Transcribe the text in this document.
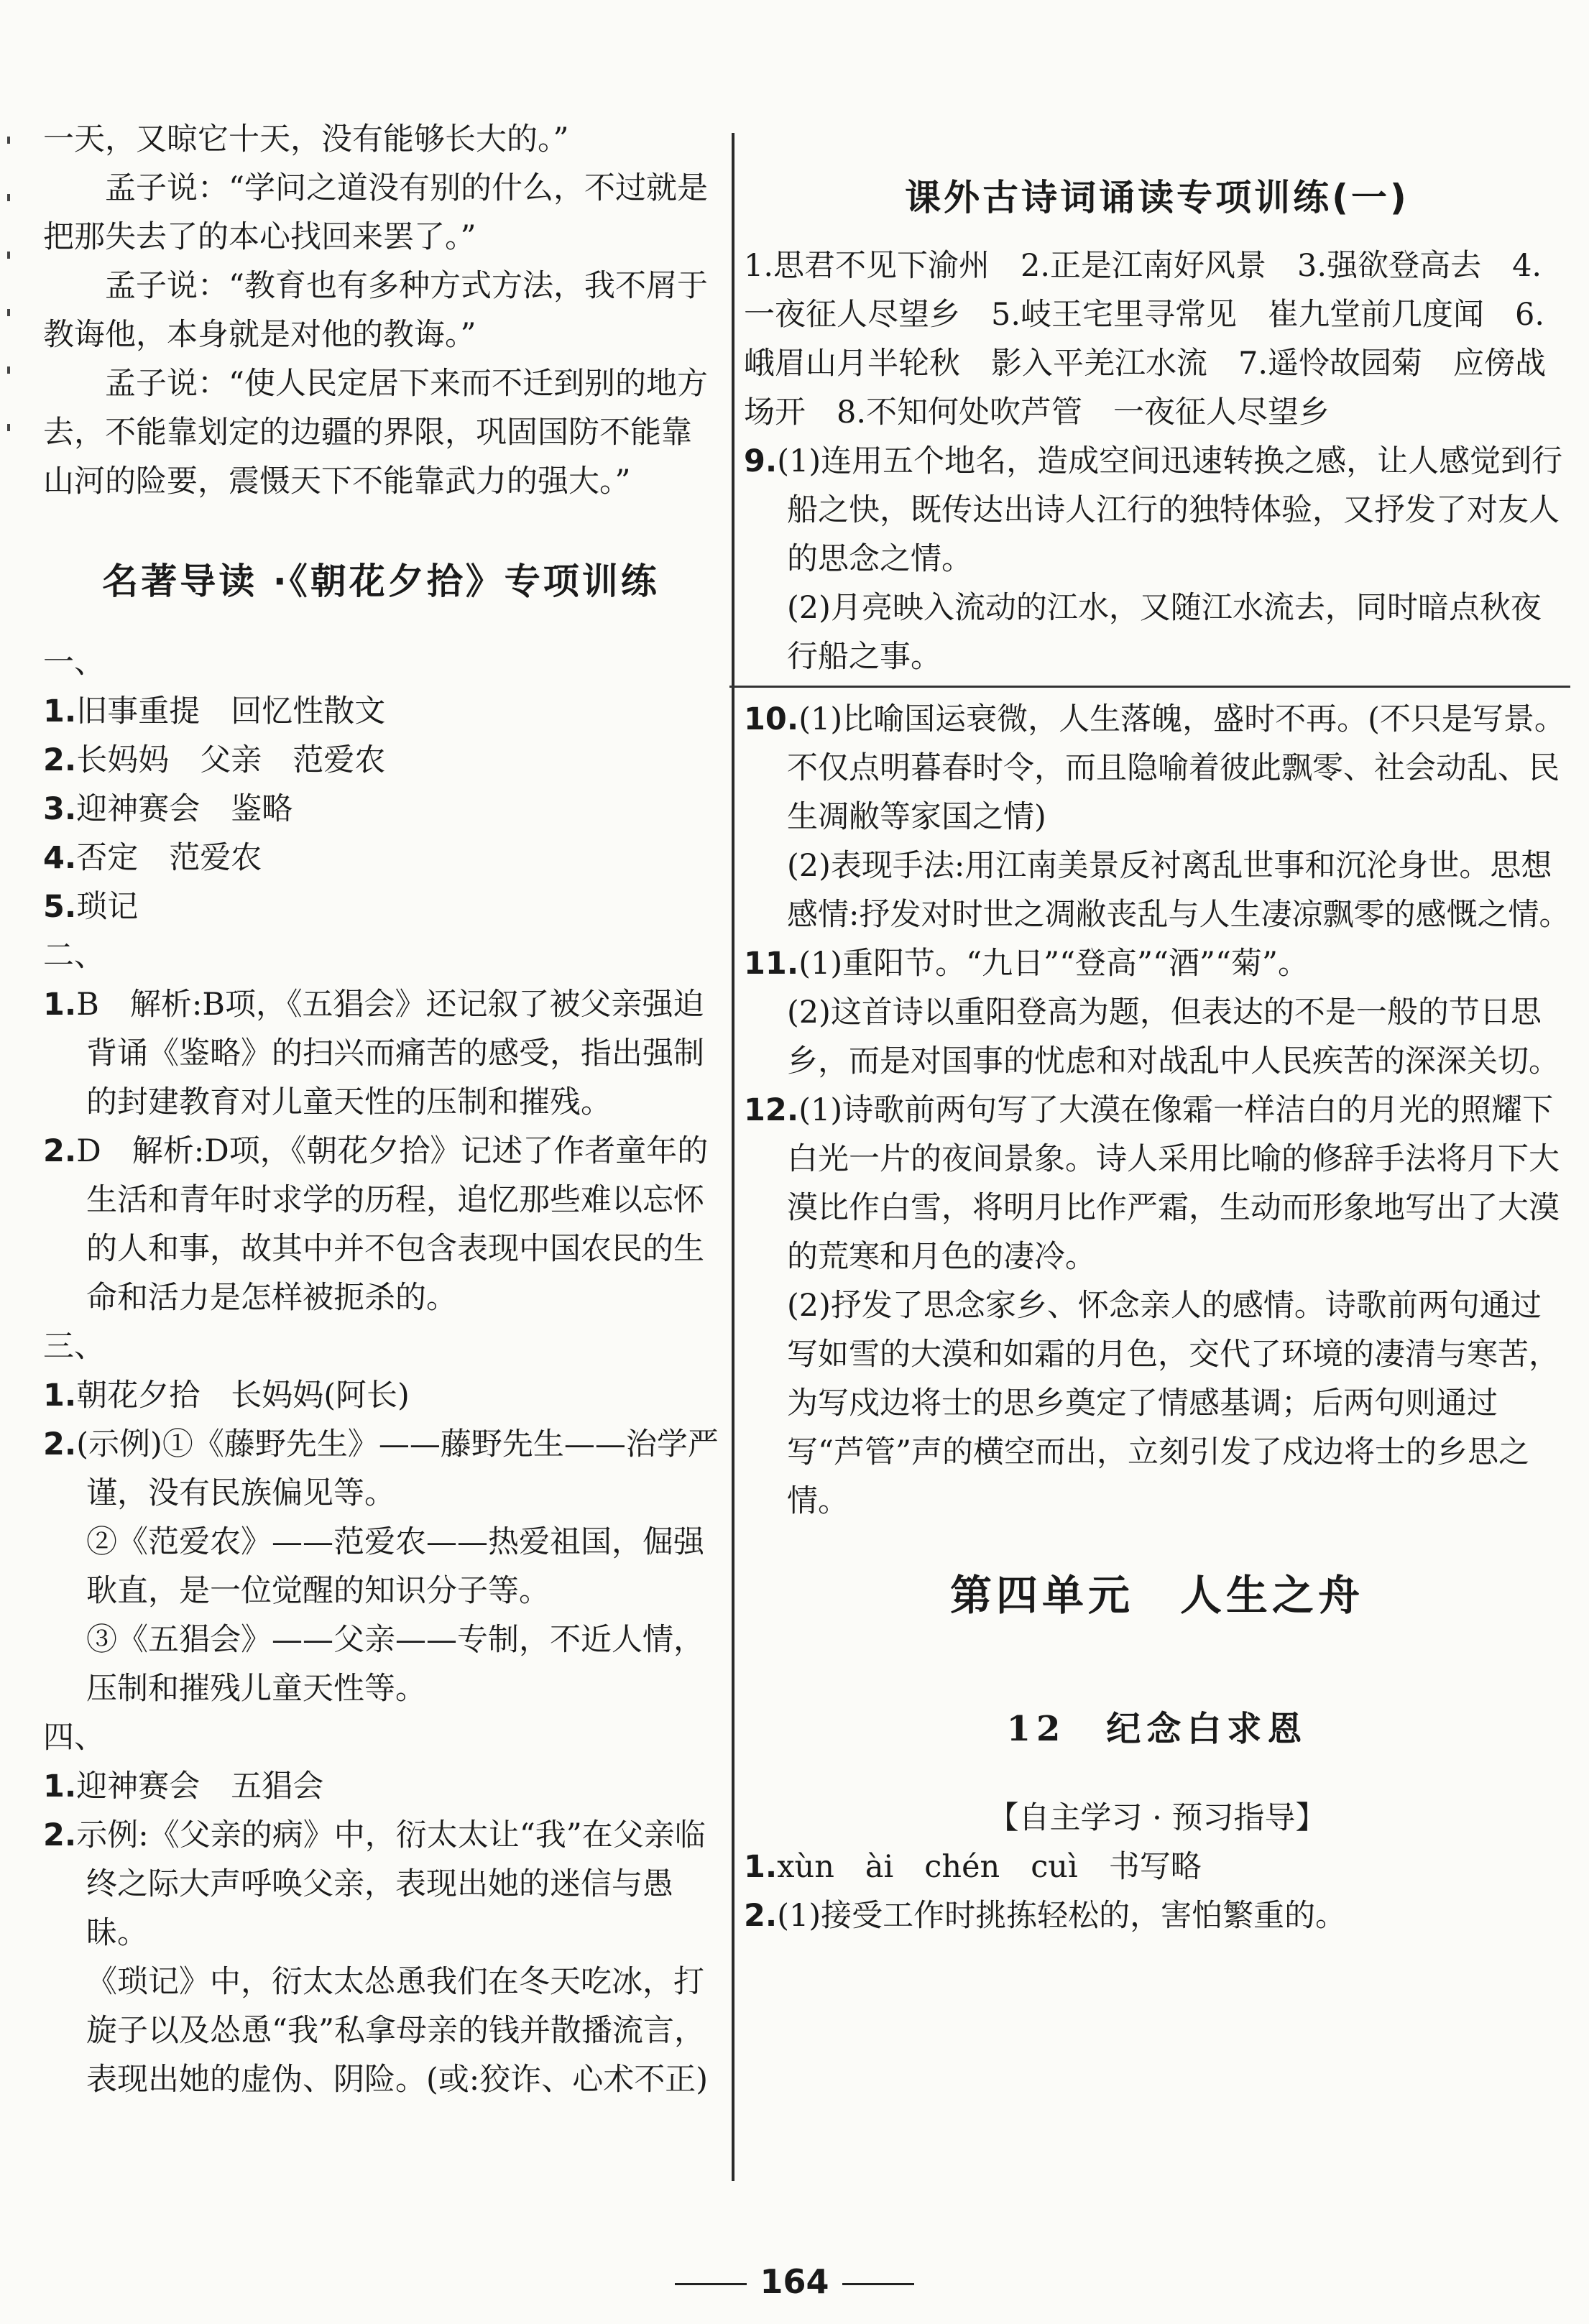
一天，又晾它十天，没有能够长大的。”

孟子说：“学问之道没有别的什么，不过就是把那失去了的本心找回来罢了。”

孟子说：“教育也有多种方式方法，我不屑于教诲他，本身就是对他的教诲。”

孟子说：“使人民定居下来而不迁到别的地方去，不能靠划定的边疆的界限，巩固国防不能靠山河的险要，震慑天下不能靠武力的强大。”

名著导读 ·《朝花夕拾》专项训练

一、

1.旧事重提　回忆性散文

2.长妈妈　父亲　范爱农

3.迎神赛会　鉴略

4.否定　范爱农

5.琐记

二、

1.B　解析:B项，《五猖会》还记叙了被父亲强迫背诵《鉴略》的扫兴而痛苦的感受，指出强制的封建教育对儿童天性的压制和摧残。

2.D　解析:D项，《朝花夕拾》记述了作者童年的生活和青年时求学的历程，追忆那些难以忘怀的人和事，故其中并不包含表现中国农民的生命和活力是怎样被扼杀的。

三、

1.朝花夕拾　长妈妈(阿长)

2.(示例)①《藤野先生》——藤野先生——治学严谨，没有民族偏见等。

②《范爱农》——范爱农——热爱祖国，倔强耿直，是一位觉醒的知识分子等。

③《五猖会》——父亲——专制，不近人情，压制和摧残儿童天性等。

四、

1.迎神赛会　五猖会

2.示例:《父亲的病》中，衍太太让“我”在父亲临终之际大声呼唤父亲，表现出她的迷信与愚昧。

《琐记》中，衍太太怂恿我们在冬天吃冰，打旋子以及怂恿“我”私拿母亲的钱并散播流言，表现出她的虚伪、阴险。(或:狡诈、心术不正)

课外古诗词诵读专项训练(一)

1.思君不见下渝州　2.正是江南好风景　3.强欲登高去　4.一夜征人尽望乡　5.岐王宅里寻常见　崔九堂前几度闻　6.峨眉山月半轮秋　影入平羌江水流　7.遥怜故园菊　应傍战场开　8.不知何处吹芦管　一夜征人尽望乡

9.(1)连用五个地名，造成空间迅速转换之感，让人感觉到行船之快，既传达出诗人江行的独特体验，又抒发了对友人的思念之情。

(2)月亮映入流动的江水，又随江水流去，同时暗点秋夜行船之事。

10.(1)比喻国运衰微，人生落魄，盛时不再。(不只是写景。不仅点明暮春时令，而且隐喻着彼此飘零、社会动乱、民生凋敝等家国之情)

(2)表现手法:用江南美景反衬离乱世事和沉沦身世。思想感情:抒发对时世之凋敝丧乱与人生凄凉飘零的感慨之情。

11.(1)重阳节。“九日”“登高”“酒”“菊”。

(2)这首诗以重阳登高为题，但表达的不是一般的节日思乡，而是对国事的忧虑和对战乱中人民疾苦的深深关切。

12.(1)诗歌前两句写了大漠在像霜一样洁白的月光的照耀下白光一片的夜间景象。诗人采用比喻的修辞手法将月下大漠比作白雪，将明月比作严霜，生动而形象地写出了大漠的荒寒和月色的凄冷。

(2)抒发了思念家乡、怀念亲人的感情。诗歌前两句通过写如雪的大漠和如霜的月色，交代了环境的凄清与寒苦，为写戍边将士的思乡奠定了情感基调；后两句则通过写“芦管”声的横空而出，立刻引发了戍边将士的乡思之情。

第四单元　人生之舟
12　纪念白求恩
【自主学习 · 预习指导】

1.xùn　ài　chén　cuì　书写略

2.(1)接受工作时挑拣轻松的，害怕繁重的。

164
